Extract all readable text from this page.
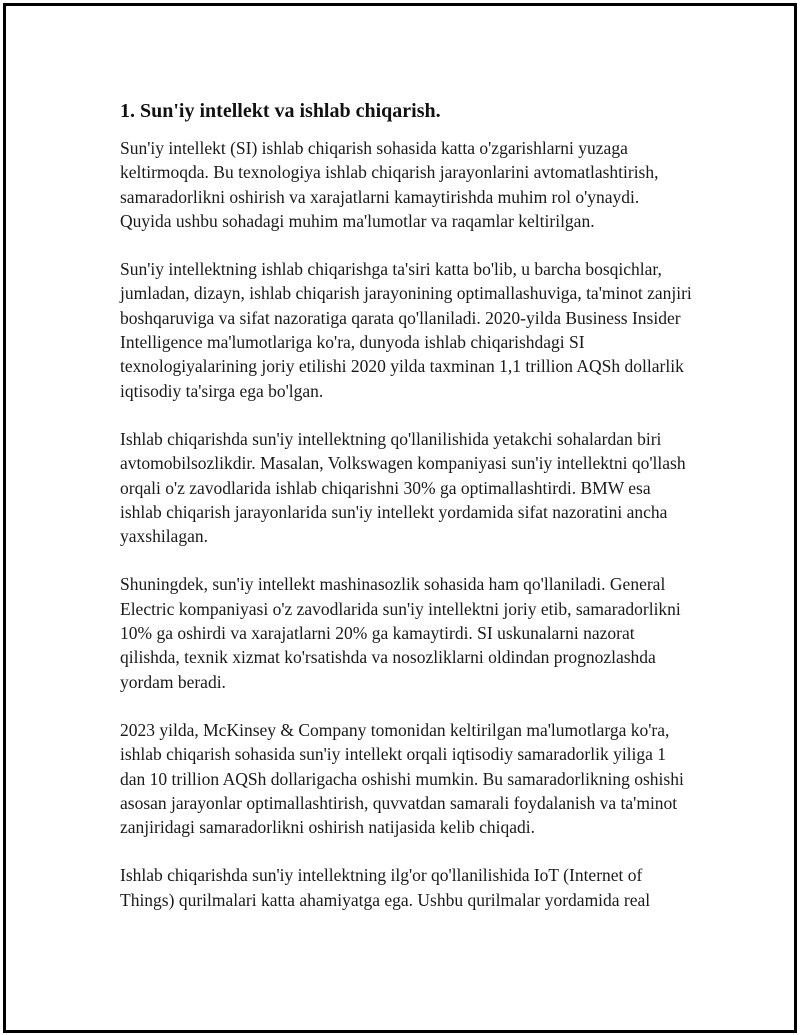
1. Sun'iy intellekt va ishlab chiqarish.

Sun'iy intellekt (SI) ishlab chiqarish sohasida katta o'zgarishlarni yuzaga keltirmoqda. Bu texnologiya ishlab chiqarish jarayonlarini avtomatlashtirish, samaradorlikni oshirish va xarajatlarni kamaytirishda muhim rol o'ynaydi. Quyida ushbu sohadagi muhim ma'lumotlar va raqamlar keltirilgan.

Sun'iy intellektning ishlab chiqarishga ta'siri katta bo'lib, u barcha bosqichlar, jumladan, dizayn, ishlab chiqarish jarayonining optimallashuviga, ta'minot zanjiri boshqaruviga va sifat nazoratiga qarata qo'llaniladi. 2020-yilda Business Insider Intelligence ma'lumotlariga ko'ra, dunyoda ishlab chiqarishdagi SI texnologiyalarining joriy etilishi 2020 yilda taxminan 1,1 trillion AQSh dollarlik iqtisodiy ta'sirga ega bo'lgan.

Ishlab chiqarishda sun'iy intellektning qo'llanilishida yetakchi sohalardan biri avtomobilsozlikdir. Masalan, Volkswagen kompaniyasi sun'iy intellektni qo'llash orqali o'z zavodlarida ishlab chiqarishni 30% ga optimallashtirdi. BMW esa ishlab chiqarish jarayonlarida sun'iy intellekt yordamida sifat nazoratini ancha yaxshilagan.

Shuningdek, sun'iy intellekt mashinasozlik sohasida ham qo'llaniladi. General Electric kompaniyasi o'z zavodlarida sun'iy intellektni joriy etib, samaradorlikni 10% ga oshirdi va xarajatlarni 20% ga kamaytirdi. SI uskunalarni nazorat qilishda, texnik xizmat ko'rsatishda va nosozliklarni oldindan prognozlashda yordam beradi.

2023 yilda, McKinsey & Company tomonidan keltirilgan ma'lumotlarga ko'ra, ishlab chiqarish sohasida sun'iy intellekt orqali iqtisodiy samaradorlik yiliga 1 dan 10 trillion AQSh dollarigacha oshishi mumkin. Bu samaradorlikning oshishi asosan jarayonlar optimallashtirish, quvvatdan samarali foydalanish va ta'minot zanjiridagi samaradorlikni oshirish natijasida kelib chiqadi.

Ishlab chiqarishda sun'iy intellektning ilg'or qo'llanilishida IoT (Internet of Things) qurilmalari katta ahamiyatga ega. Ushbu qurilmalar yordamida real
